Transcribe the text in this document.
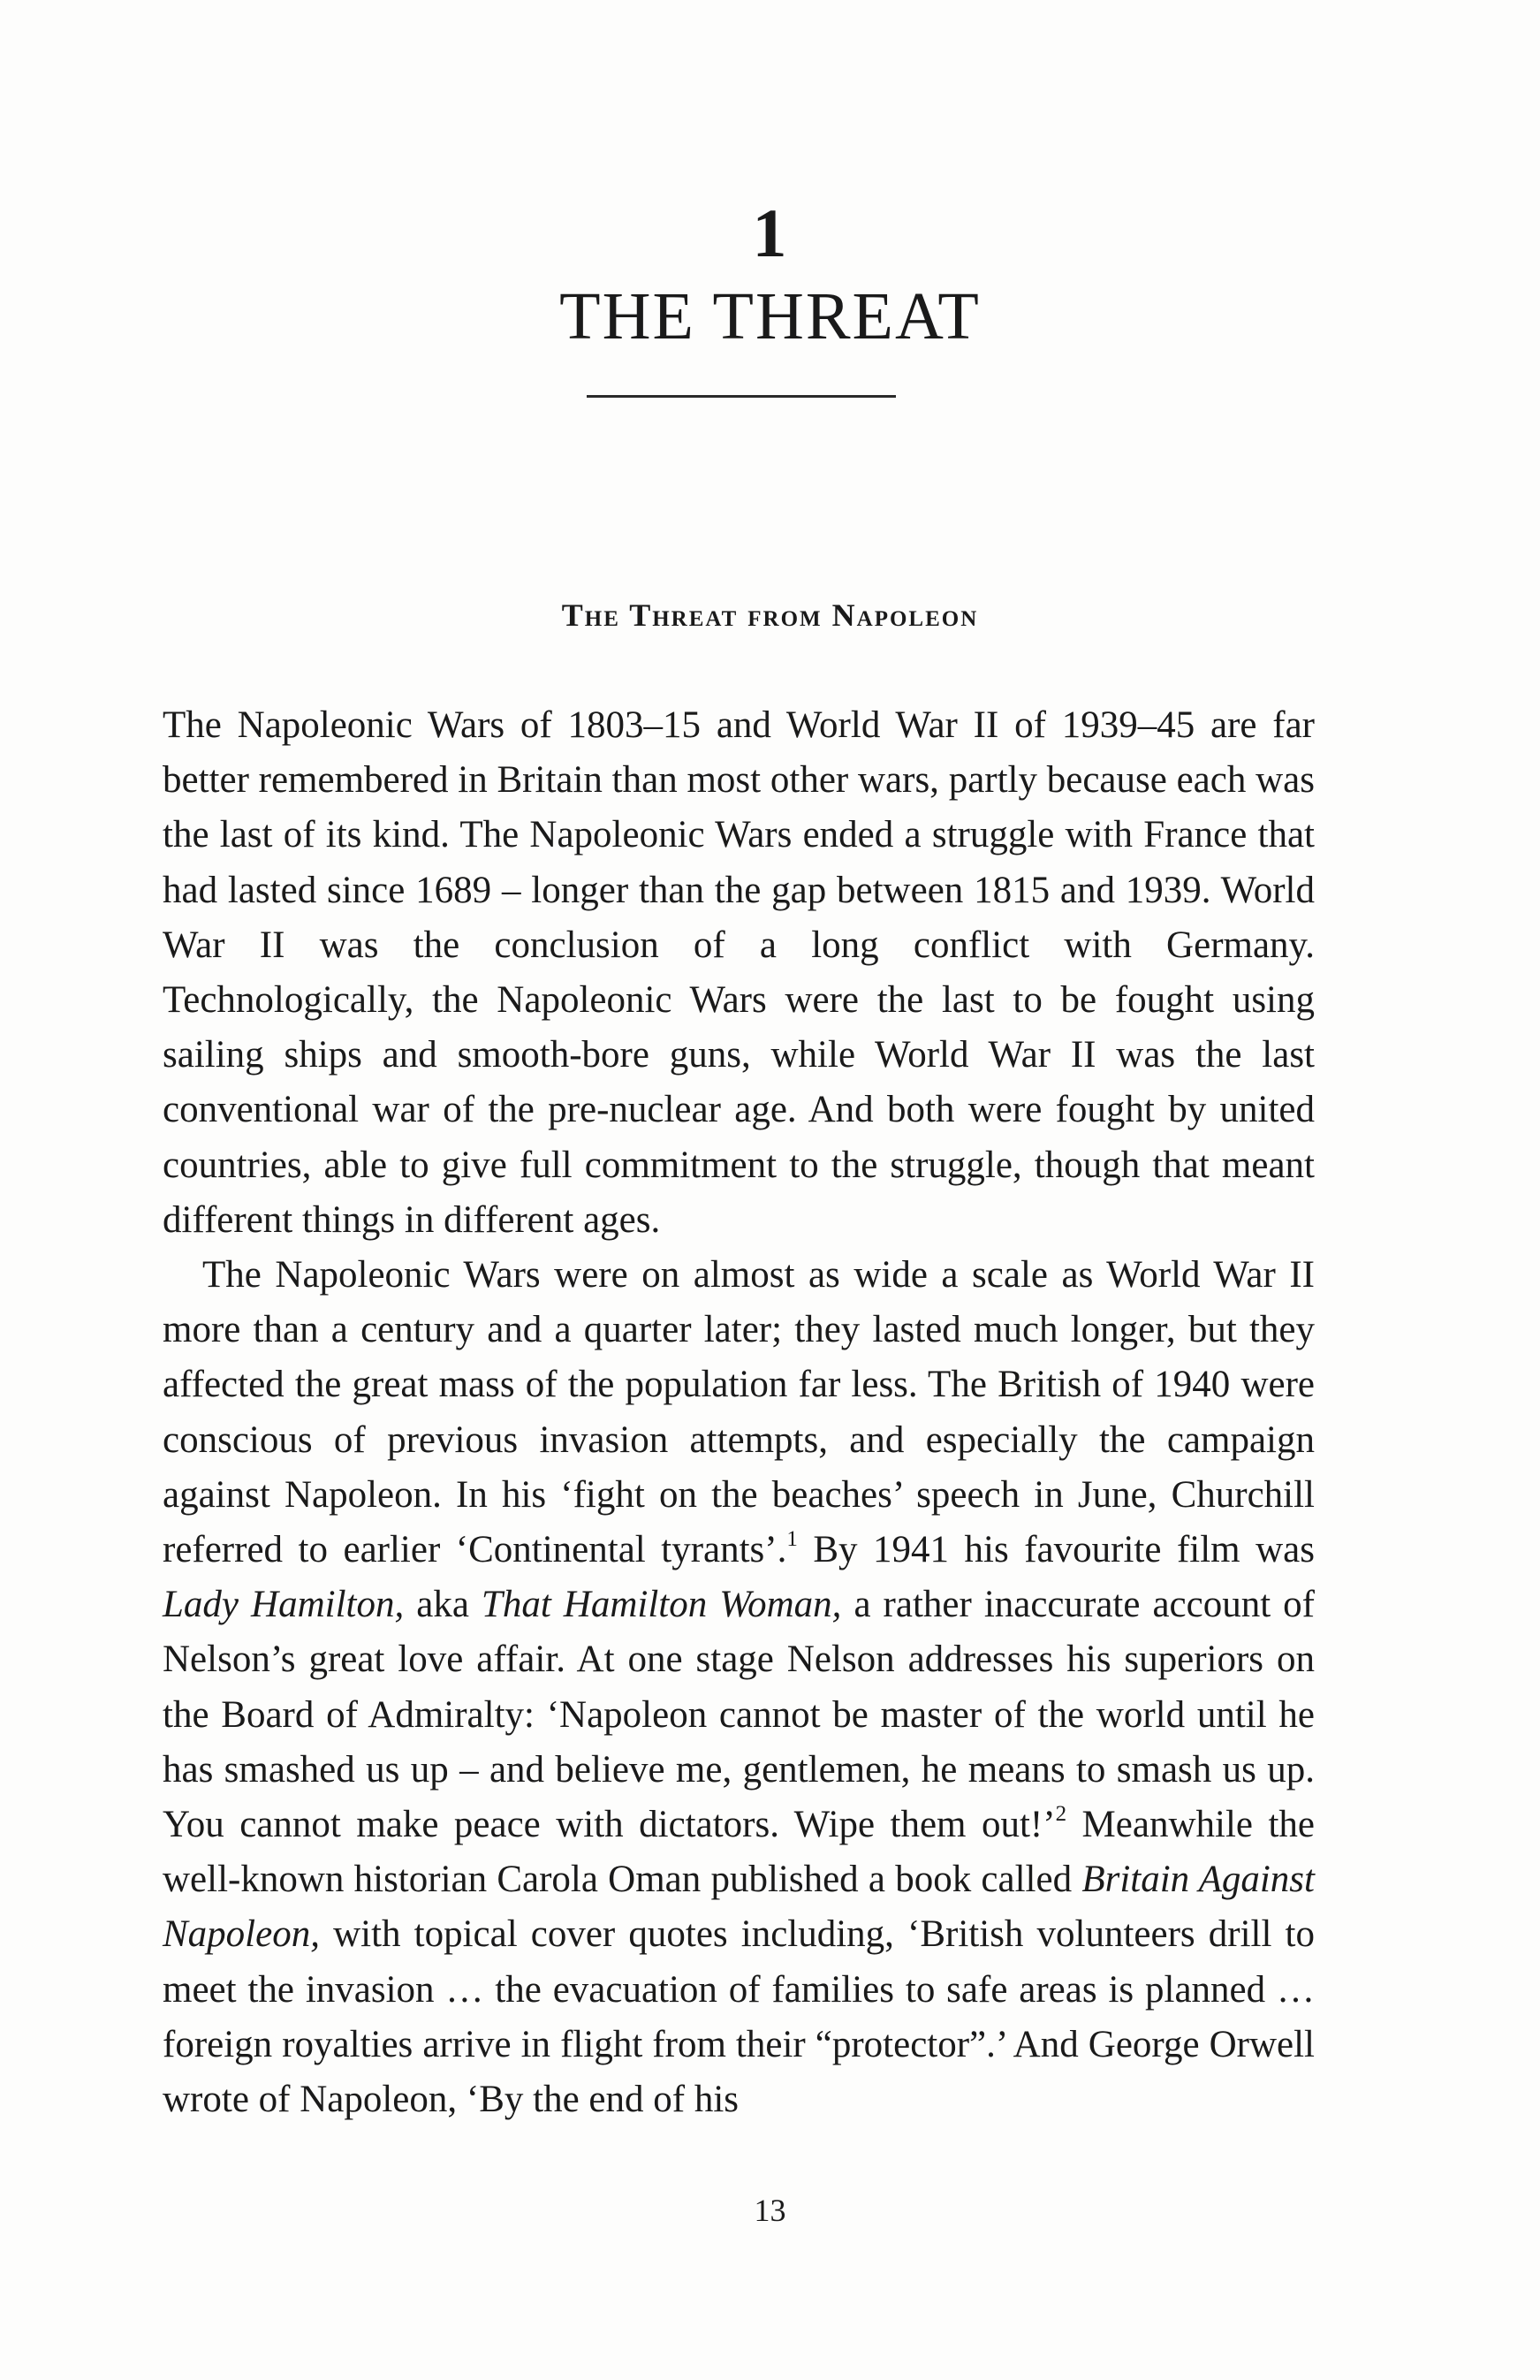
1
THE THREAT
The Threat from Napoleon

The Napoleonic Wars of 1803–15 and World War II of 1939–45 are far better remembered in Britain than most other wars, partly because each was the last of its kind. The Napoleonic Wars ended a struggle with France that had lasted since 1689 – longer than the gap between 1815 and 1939. World War II was the conclusion of a long conflict with Germany. Technologically, the Napoleonic Wars were the last to be fought using sailing ships and smooth-bore guns, while World War II was the last conventional war of the pre-nuclear age. And both were fought by united countries, able to give full commitment to the struggle, though that meant different things in different ages.

The Napoleonic Wars were on almost as wide a scale as World War II more than a century and a quarter later; they lasted much longer, but they affected the great mass of the population far less. The British of 1940 were conscious of previous invasion attempts, and especially the campaign against Napoleon. In his ‘fight on the beaches’ speech in June, Churchill referred to earlier ‘Continental tyrants’.$^1$ By 1941 his favourite film was Lady Hamilton, aka That Hamilton Woman, a rather inaccurate account of Nelson’s great love affair. At one stage Nelson addresses his superiors on the Board of Admiralty: ‘Napoleon cannot be master of the world until he has smashed us up – and believe me, gentlemen, he means to smash us up. You cannot make peace with dictators. Wipe them out!’$^2$ Meanwhile the well-known historian Carola Oman published a book called Britain Against Napoleon, with topical cover quotes including, ‘British volunteers drill to meet the invasion … the evacuation of families to safe areas is planned … foreign royalties arrive in flight from their “protector”.’ And George Orwell wrote of Napoleon, ‘By the end of his

13
